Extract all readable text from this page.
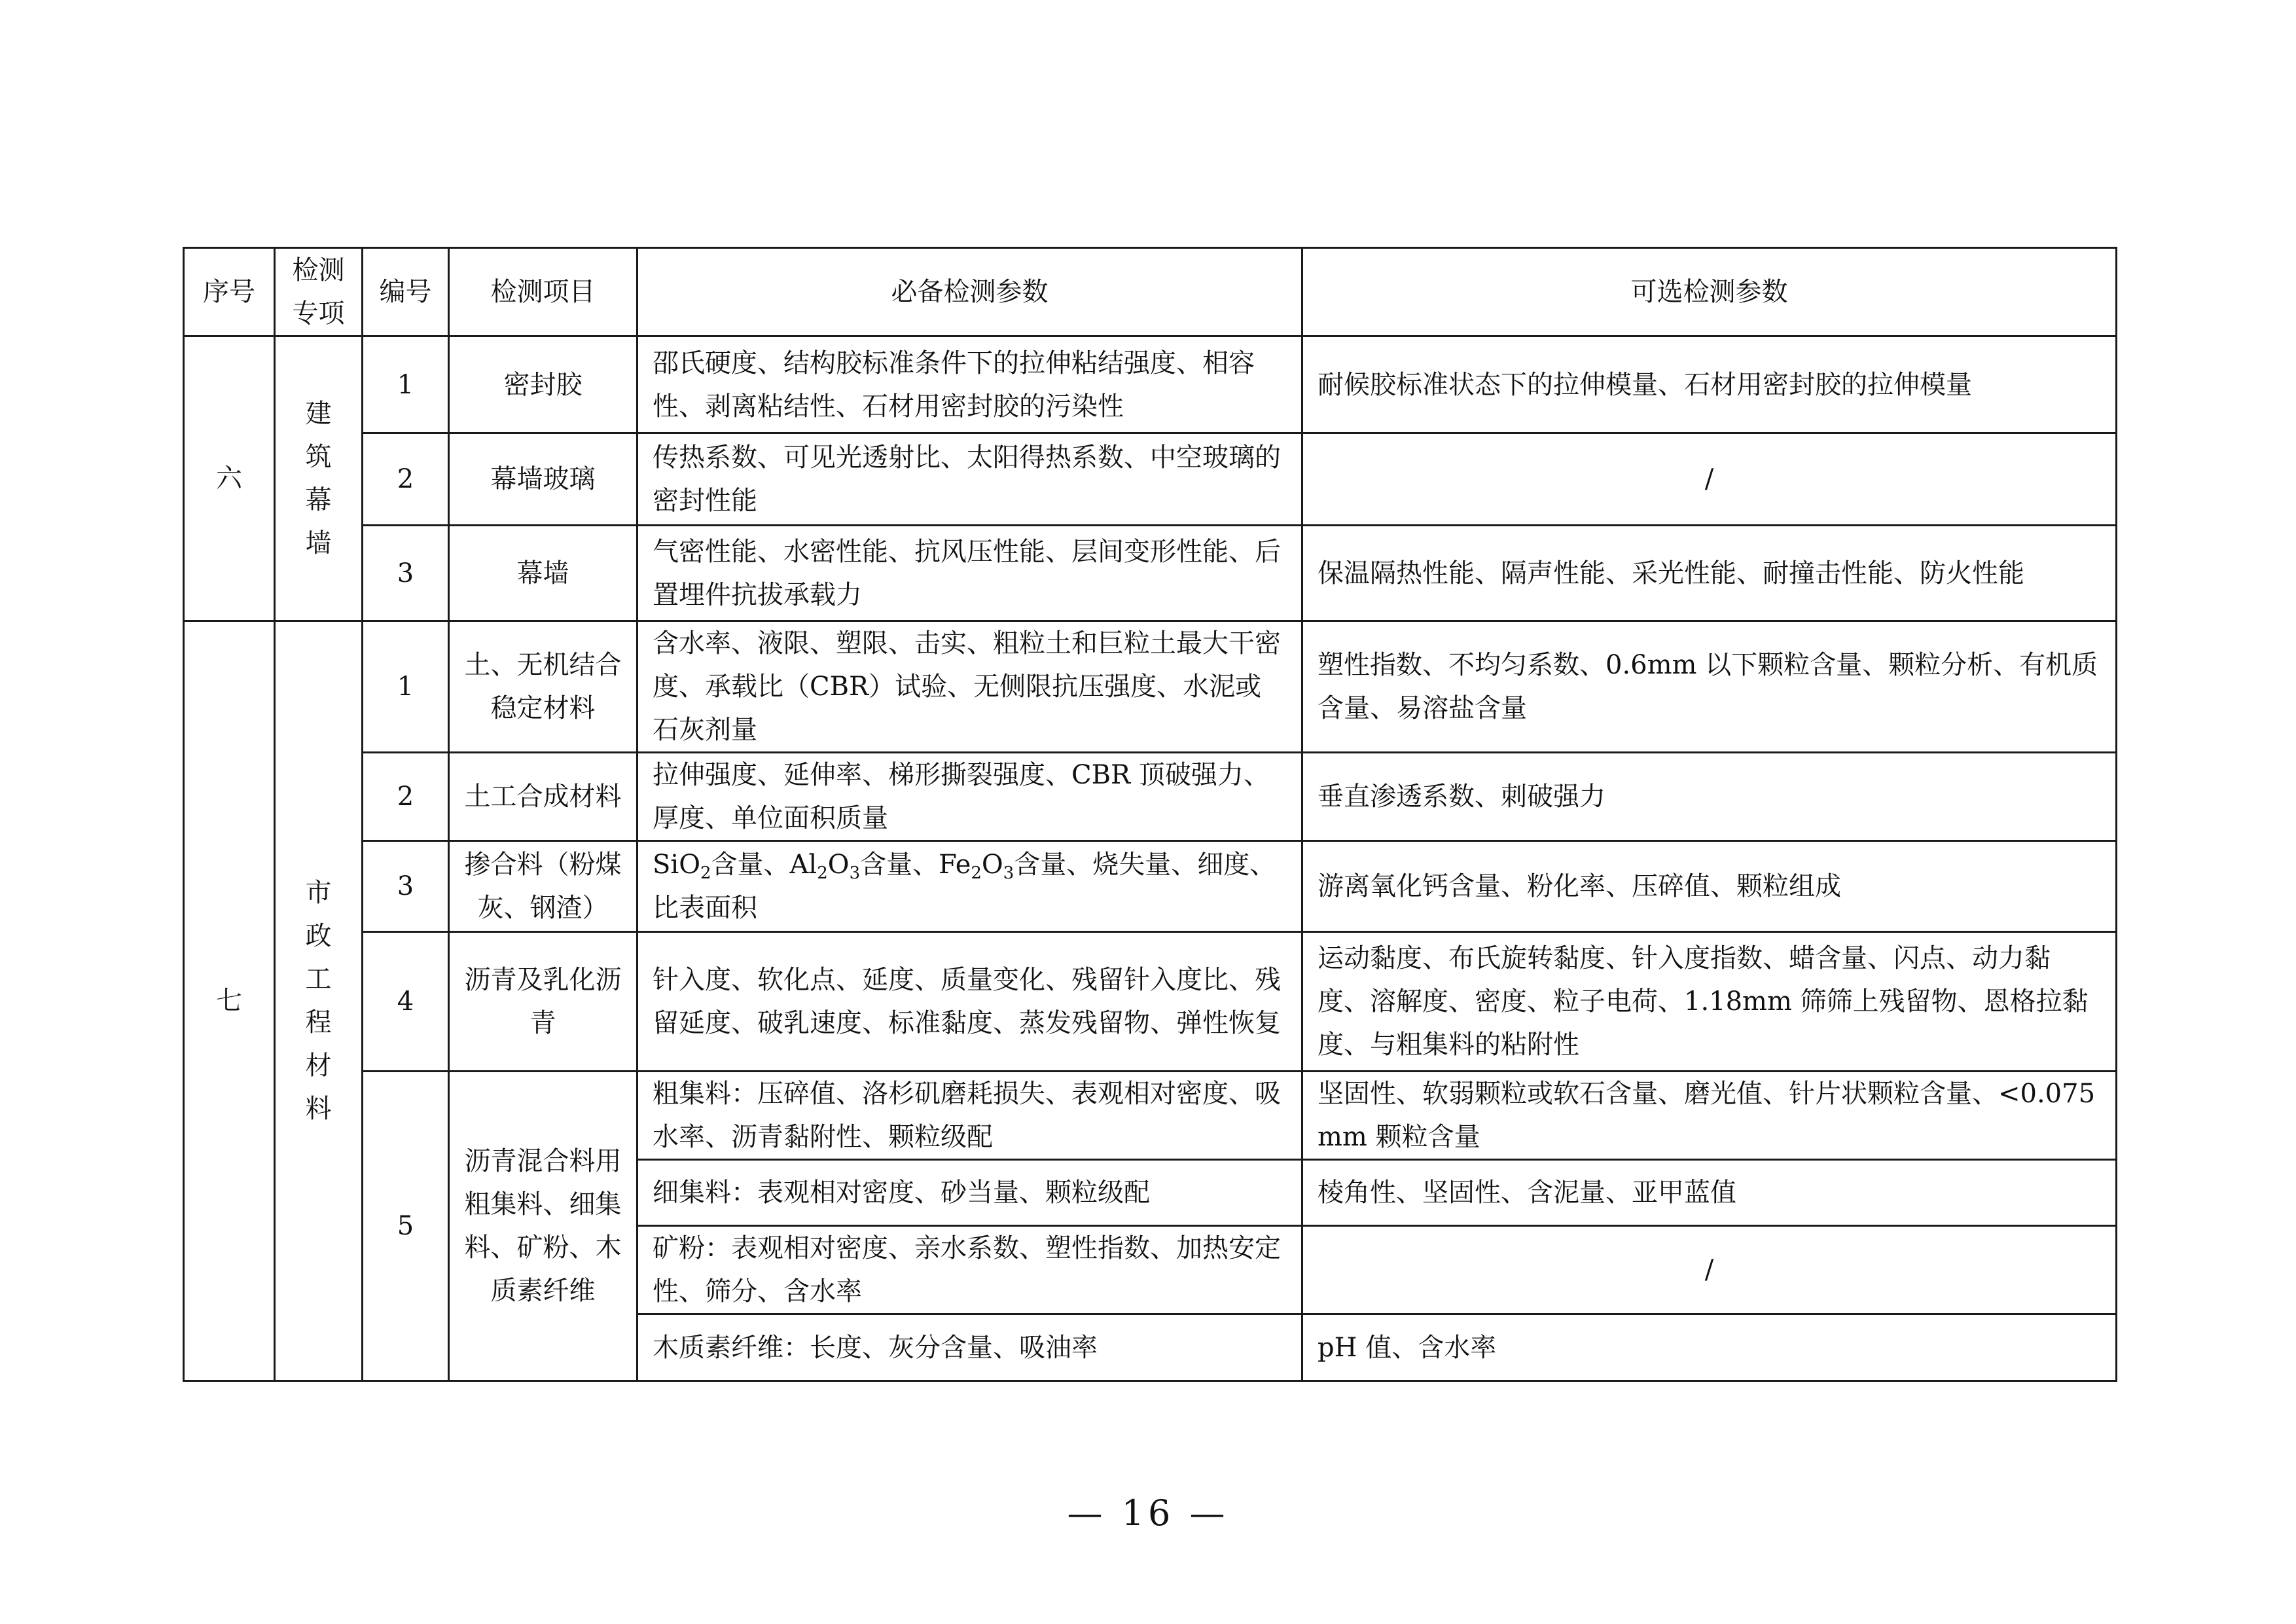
序号	检测专项	编号	检测项目	必备检测参数	可选检测参数
六	建筑幕墙	1	密封胶	邵氏硬度、结构胶标准条件下的拉伸粘结强度、相容性、剥离粘结性、石材用密封胶的污染性	耐候胶标准状态下的拉伸模量、石材用密封胶的拉伸模量
		2	幕墙玻璃	传热系数、可见光透射比、太阳得热系数、中空玻璃的密封性能	/
		3	幕墙	气密性能、水密性能、抗风压性能、层间变形性能、后置埋件抗拔承载力	保温隔热性能、隔声性能、采光性能、耐撞击性能、防火性能
七	市政工程材料	1	土、无机结合稳定材料	含水率、液限、塑限、击实、粗粒土和巨粒土最大干密度、承载比（CBR）试验、无侧限抗压强度、水泥或石灰剂量	塑性指数、不均匀系数、0.6mm 以下颗粒含量、颗粒分析、有机质含量、易溶盐含量
		2	土工合成材料	拉伸强度、延伸率、梯形撕裂强度、CBR 顶破强力、厚度、单位面积质量	垂直渗透系数、刺破强力
		3	掺合料（粉煤灰、钢渣）	SiO$_2$含量、$Al_2O_3$含量、$Fe_2O_3$含量、烧失量、细度、比表面积	游离氧化钙含量、粉化率、压碎值、颗粒组成
		4	沥青及乳化沥青	针入度、软化点、延度、质量变化、残留针入度比、残留延度、破乳速度、标准黏度、蒸发残留物、弹性恢复	运动黏度、布氏旋转黏度、针入度指数、蜡含量、闪点、动力黏度、溶解度、密度、粒子电荷、1.18mm 筛筛上残留物、恩格拉黏度、与粗集料的粘附性
		5	沥青混合料用粗集料、细集料、矿粉、木质素纤维	粗集料：压碎值、洛杉矶磨耗损失、表观相对密度、吸水率、沥青黏附性、颗粒级配	坚固性、软弱颗粒或软石含量、磨光值、针片状颗粒含量、<0.075mm 颗粒含量
				细集料：表观相对密度、砂当量、颗粒级配	棱角性、坚固性、含泥量、亚甲蓝值
				矿粉：表观相对密度、亲水系数、塑性指数、加热安定性、筛分、含水率	/
				木质素纤维：长度、灰分含量、吸油率	pH 值、含水率
— 16 —
